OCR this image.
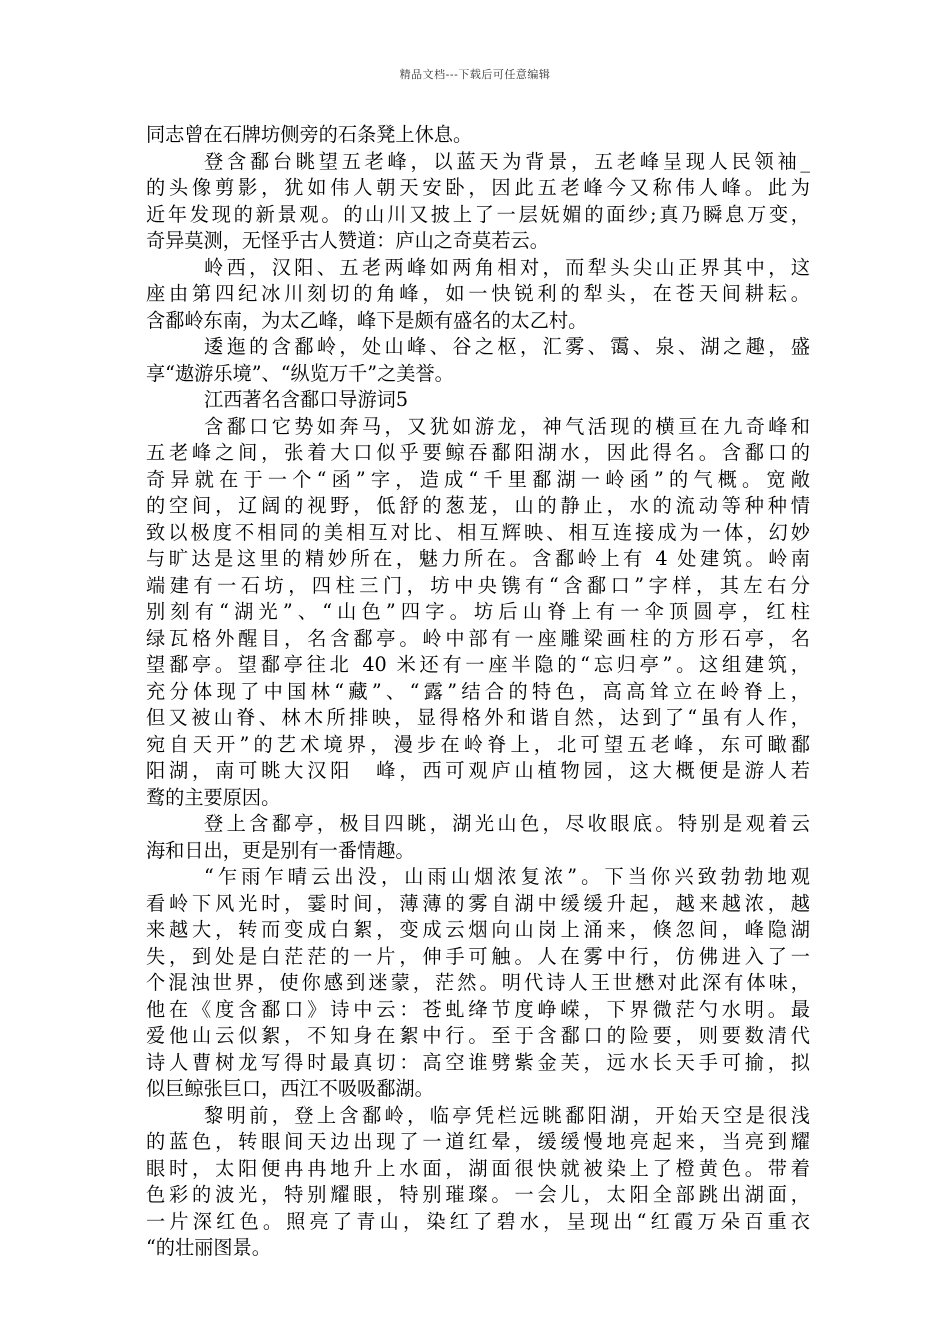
精品文档---下载后可任意编辑
同志曾在石牌坊侧旁的石条凳上休息。
登含鄱台眺望五老峰，以蓝天为背景，五老峰呈现人民领袖_
的头像剪影，犹如伟人朝天安卧，因此五老峰今又称伟人峰。此为
近年发现的新景观。的山川又披上了一层妩媚的面纱;真乃瞬息万变，
奇异莫测，无怪乎古人赞道：庐山之奇莫若云。
岭西，汉阳、五老两峰如两角相对，而犁头尖山正界其中，这
座由第四纪冰川刻切的角峰，如一快锐利的犁头，在苍天间耕耘。
含鄱岭东南，为太乙峰，峰下是颇有盛名的太乙村。
逶迤的含鄱岭，处山峰、谷之枢，汇雾、霭、泉、湖之趣，盛
享“遨游乐境”、“纵览万千”之美誉。
江西著名含鄱口导游词5
含鄱口它势如奔马，又犹如游龙，神气活现的横亘在九奇峰和
五老峰之间，张着大口似乎要鲸吞鄱阳湖水，因此得名。含鄱口的
奇异就在于一个“函”字，造成“千里鄱湖一岭函”的气概。宽敞
的空间，辽阔的视野，低舒的葱茏，山的静止，水的流动等种种情
致以极度不相同的美相互对比、相互辉映、相互连接成为一体，幻妙
与旷达是这里的精妙所在，魅力所在。含鄱岭上有 4 处建筑。岭南
端建有一石坊，四柱三门，坊中央镌有“含鄱口”字样，其左右分
别刻有“湖光”、“山色”四字。坊后山脊上有一伞顶圆亭，红柱
绿瓦格外醒目，名含鄱亭。岭中部有一座雕梁画柱的方形石亭，名
望鄱亭。望鄱亭往北 40 米还有一座半隐的“忘归亭”。这组建筑，
充分体现了中国林“藏”、“露”结合的特色，高高耸立在岭脊上，
但又被山脊、林木所排映，显得格外和谐自然，达到了“虽有人作，
宛自天开”的艺术境界，漫步在岭脊上，北可望五老峰，东可瞰鄱
阳湖，南可眺大汉阳　峰，西可观庐山植物园，这大概便是游人若
鹜的主要原因。
登上含鄱亭，极目四眺，湖光山色，尽收眼底。特别是观着云
海和日出，更是别有一番情趣。
“乍雨乍晴云出没，山雨山烟浓复浓”。下当你兴致勃勃地观
看岭下风光时，霎时间，薄薄的雾自湖中缓缓升起，越来越浓，越
来越大，转而变成白絮，变成云烟向山岗上涌来，倏忽间，峰隐湖
失，到处是白茫茫的一片，伸手可触。人在雾中行，仿佛进入了一
个混浊世界，使你感到迷蒙，茫然。明代诗人王世懋对此深有体味，
他在《度含鄱口》诗中云：苍虬绛节度峥嵘，下界微茫勺水明。最
爱他山云似絮，不知身在絮中行。至于含鄱口的险要，则要数清代
诗人曹树龙写得时最真切：高空谁劈紫金芙，远水长天手可揄，拟
似巨鲸张巨口，西江不吸吸鄱湖。
黎明前，登上含鄱岭，临亭凭栏远眺鄱阳湖，开始天空是很浅
的蓝色，转眼间天边出现了一道红晕，缓缓慢地亮起来，当亮到耀
眼时，太阳便冉冉地升上水面，湖面很快就被染上了橙黄色。带着
色彩的波光，特别耀眼，特别璀璨。一会儿，太阳全部跳出湖面，
一片深红色。照亮了青山，染红了碧水，呈现出“红霞万朵百重衣
“的壮丽图景。
